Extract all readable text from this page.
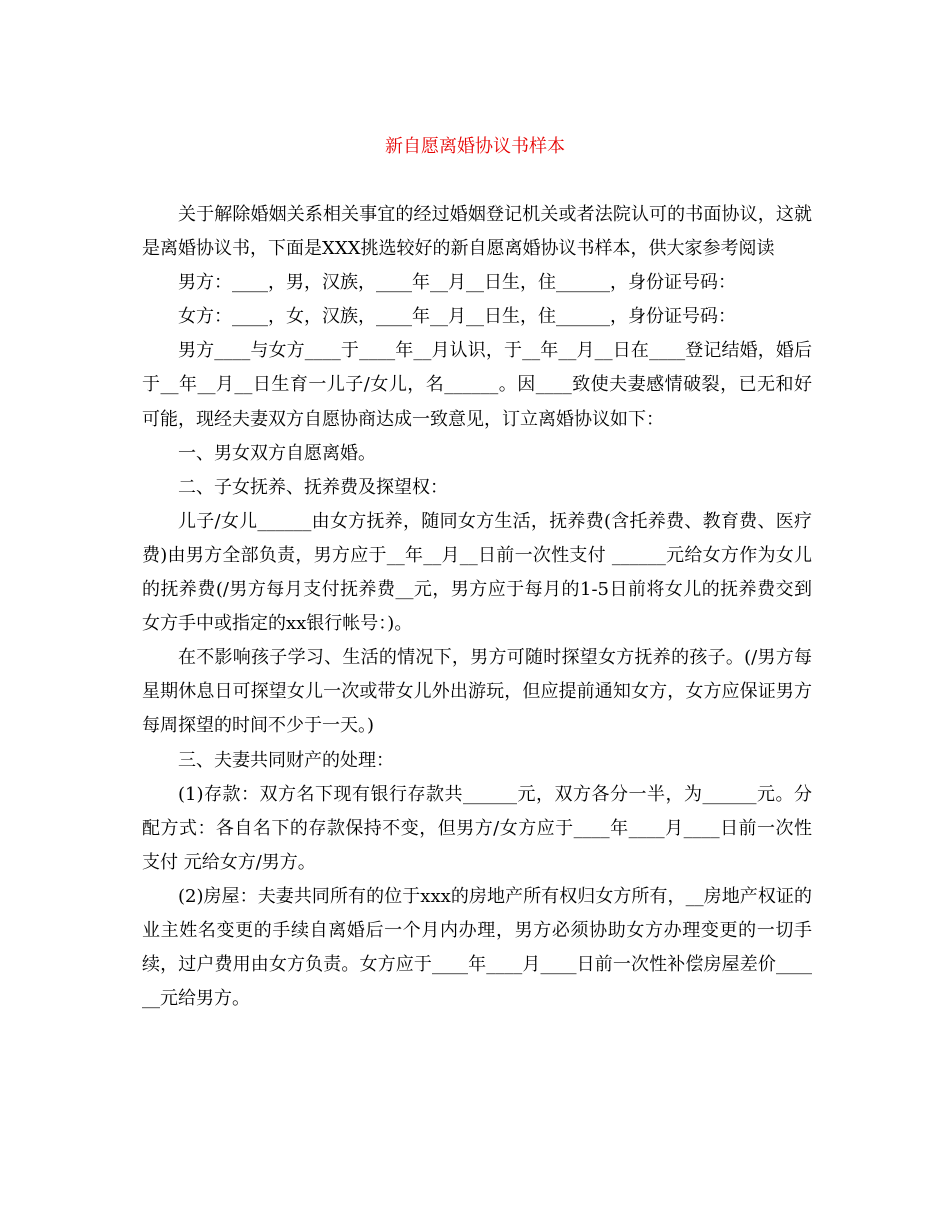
新自愿离婚协议书样本

关于解除婚姻关系相关事宜的经过婚姻登记机关或者法院认可的书面协议，这就是离婚协议书，下面是XXX挑选较好的新自愿离婚协议书样本，供大家参考阅读

男方：____，男，汉族，____年__月__日生，住______，身份证号码：

女方：____，女，汉族，____年__月__日生，住______，身份证号码：

男方____与女方____于____年__月认识，于__年__月__日在____登记结婚，婚后于__年__月__日生育一儿子/女儿，名______。因____致使夫妻感情破裂，已无和好可能，现经夫妻双方自愿协商达成一致意见，订立离婚协议如下：

一、男女双方自愿离婚。

二、子女抚养、抚养费及探望权：

儿子/女儿______由女方抚养，随同女方生活，抚养费(含托养费、教育费、医疗费)由男方全部负责，男方应于__年__月__日前一次性支付 ______元给女方作为女儿的抚养费(/男方每月支付抚养费__元，男方应于每月的1-5日前将女儿的抚养费交到女方手中或指定的xx银行帐号：)。

在不影响孩子学习、生活的情况下，男方可随时探望女方抚养的孩子。(/男方每星期休息日可探望女儿一次或带女儿外出游玩，但应提前通知女方，女方应保证男方每周探望的时间不少于一天。)

三、夫妻共同财产的处理：

(1)存款：双方名下现有银行存款共______元，双方各分一半，为______元。分配方式：各自名下的存款保持不变，但男方/女方应于____年____月____日前一次性支付 元给女方/男方。

(2)房屋：夫妻共同所有的位于xxx的房地产所有权归女方所有，__房地产权证的业主姓名变更的手续自离婚后一个月内办理，男方必须协助女方办理变更的一切手续，过户费用由女方负责。女方应于____年____月____日前一次性补偿房屋差价______元给男方。
